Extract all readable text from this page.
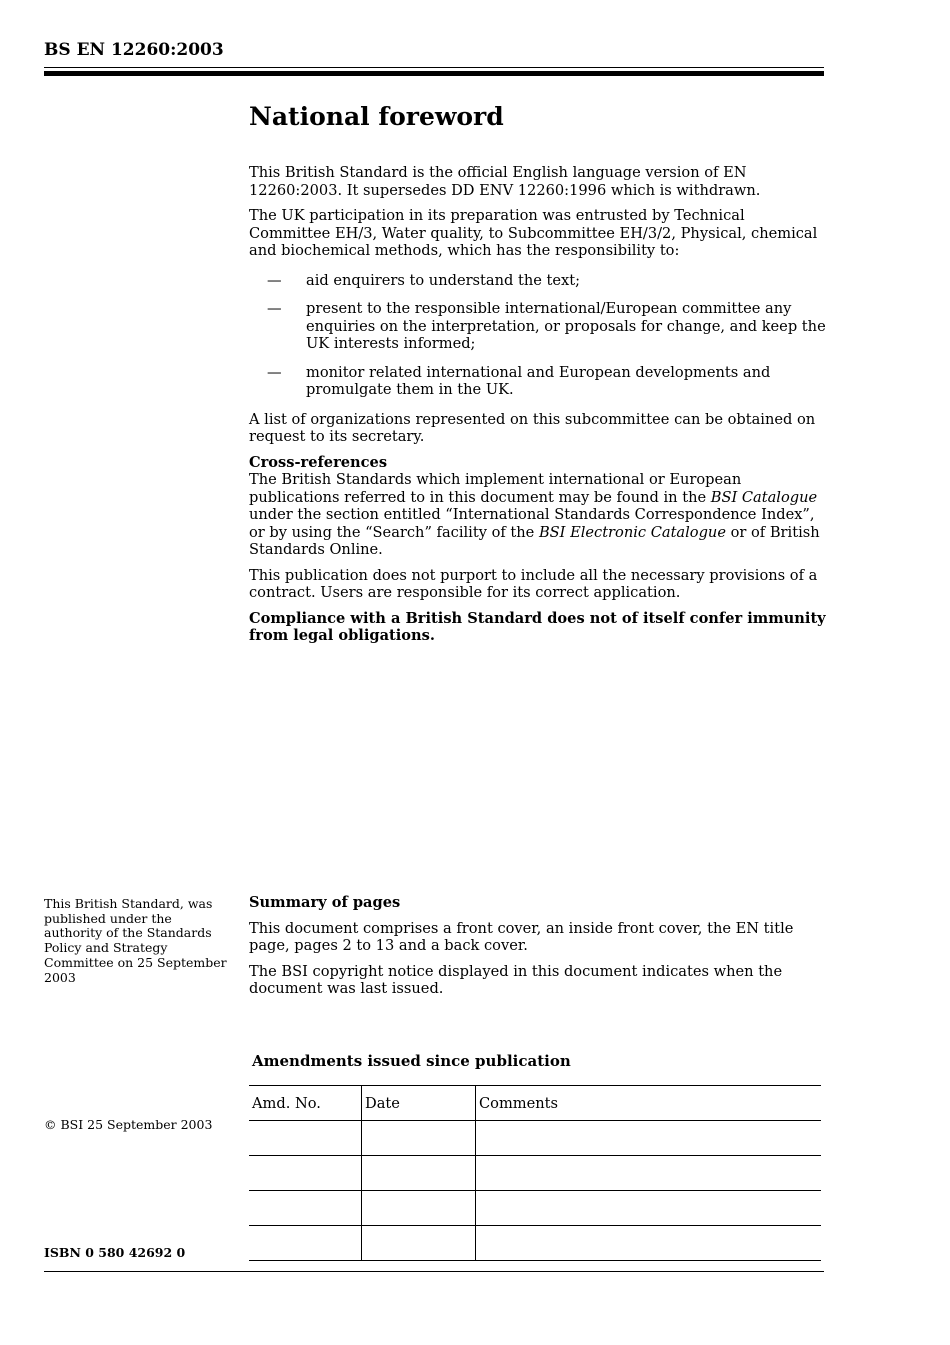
BS EN 12260:2003
National foreword

This British Standard is the official English language version of EN 12260:2003. It supersedes DD ENV 12260:1996 which is withdrawn.

The UK participation in its preparation was entrusted by Technical Committee EH/3, Water quality, to Subcommittee EH/3/2, Physical, chemical and biochemical methods, which has the responsibility to:

—	aid enquirers to understand the text;
—	present to the responsible international/European committee any enquiries on the interpretation, or proposals for change, and keep the UK interests informed;
—	monitor related international and European developments and promulgate them in the UK.

A list of organizations represented on this subcommittee can be obtained on request to its secretary.

Cross-references

The British Standards which implement international or European publications referred to in this document may be found in the BSI Catalogue under the section entitled “International Standards Correspondence Index”, or by using the “Search” facility of the BSI Electronic Catalogue or of British Standards Online.

This publication does not purport to include all the necessary provisions of a contract. Users are responsible for its correct application.

Compliance with a British Standard does not of itself confer immunity from legal obligations.

This British Standard, was published under the authority of the Standards Policy and Strategy Committee on 25 September 2003
Summary of pages

This document comprises a front cover, an inside front cover, the EN title page, pages 2 to 13 and a back cover.

The BSI copyright notice displayed in this document indicates when the document was last issued.

Amendments issued since publication
Amd. No.	Date	Comments

© BSI 25 September 2003
ISBN 0 580 42692 0
